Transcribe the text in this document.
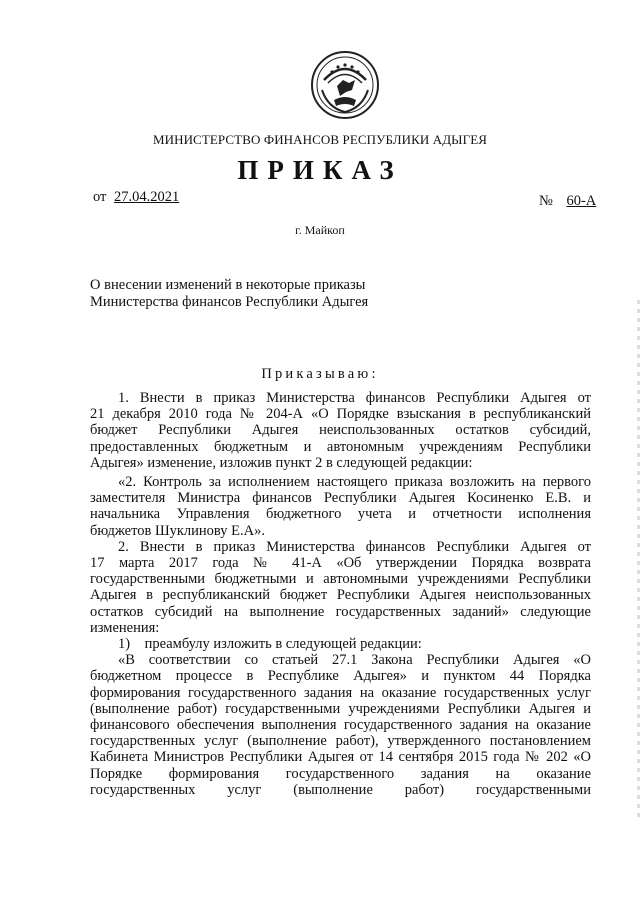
МИНИСТЕРСТВО ФИНАНСОВ РЕСПУБЛИКИ АДЫГЕЯ
ПРИКАЗ
от 27.04.2021	№ 60-А
г. Майкоп
О внесении изменений в некоторые приказы
Министерства финансов Республики Адыгея
Приказываю:

1. Внести в приказ Министерства финансов Республики Адыгея от

21 декабря 2010 года № 204-А «О Порядке взыскания в республиканский

бюджет Республики Адыгея неиспользованных остатков субсидий,

предоставленных бюджетным и автономным учреждениям Республики

Адыгея» изменение, изложив пункт 2 в следующей редакции:

«2. Контроль за исполнением настоящего приказа возложить на первого

заместителя Министра финансов Республики Адыгея Косиненко Е.В. и

начальника Управления бюджетного учета и отчетности исполнения

бюджетов Шуклинову Е.А».

2. Внести в приказ Министерства финансов Республики Адыгея от

17 марта 2017 года № 41-А «Об утверждении Порядка возврата

государственными бюджетными и автономными учреждениями Республики

Адыгея в республиканский бюджет Республики Адыгея неиспользованных

остатков субсидий на выполнение государственных заданий» следующие

изменения:

1)    преамбулу изложить в следующей редакции:

«В соответствии со статьей 27.1 Закона Республики Адыгея «О

бюджетном процессе в Республике Адыгея» и пунктом 44 Порядка

формирования государственного задания на оказание государственных услуг

(выполнение работ) государственными учреждениями Республики Адыгея и

финансового обеспечения выполнения государственного задания на оказание

государственных услуг (выполнение работ), утвержденного постановлением

Кабинета Министров Республики Адыгея от 14 сентября 2015 года № 202 «О

Порядке формирования государственного задания на оказание

государственных услуг (выполнение работ) государственными
